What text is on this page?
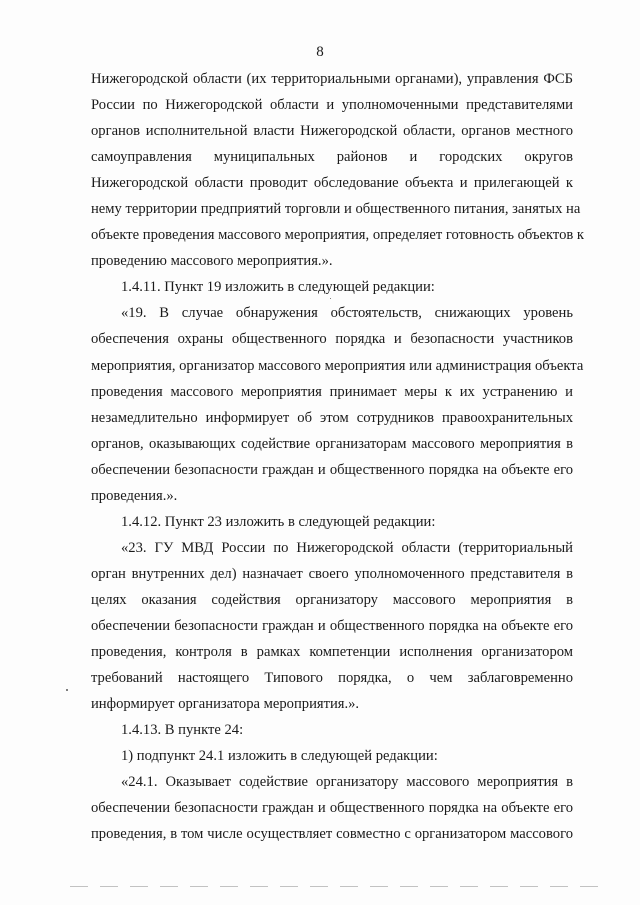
8
Нижегородской области (их территориальными органами), управления ФСБ
России по Нижегородской области и уполномоченными представителями
органов исполнительной власти Нижегородской области, органов местного
самоуправления муниципальных районов и городских округов
Нижегородской области проводит обследование объекта и прилегающей к
нему территории предприятий торговли и общественного питания, занятых на
объекте проведения массового мероприятия, определяет готовность объектов к
проведению массового мероприятия.».
1.4.11. Пункт 19 изложить в следующей редакции:
«19. В случае обнаружения обстоятельств, снижающих уровень
обеспечения охраны общественного порядка и безопасности участников
мероприятия, организатор массового мероприятия или администрация объекта
проведения массового мероприятия принимает меры к их устранению и
незамедлительно информирует об этом сотрудников правоохранительных
органов, оказывающих содействие организаторам массового мероприятия в
обеспечении безопасности граждан и общественного порядка на объекте его
проведения.».
1.4.12. Пункт 23 изложить в следующей редакции:
«23. ГУ МВД России по Нижегородской области (территориальный
орган внутренних дел) назначает своего уполномоченного представителя в
целях оказания содействия организатору массового мероприятия в
обеспечении безопасности граждан и общественного порядка на объекте его
проведения, контроля в рамках компетенции исполнения организатором
требований настоящего Типового порядка, о чем заблаговременно
информирует организатора мероприятия.».
1.4.13. В пункте 24:
1) подпункт 24.1 изложить в следующей редакции:
«24.1. Оказывает содействие организатору массового мероприятия в
обеспечении безопасности граждан и общественного порядка на объекте его
проведения, в том числе осуществляет совместно с организатором массового
